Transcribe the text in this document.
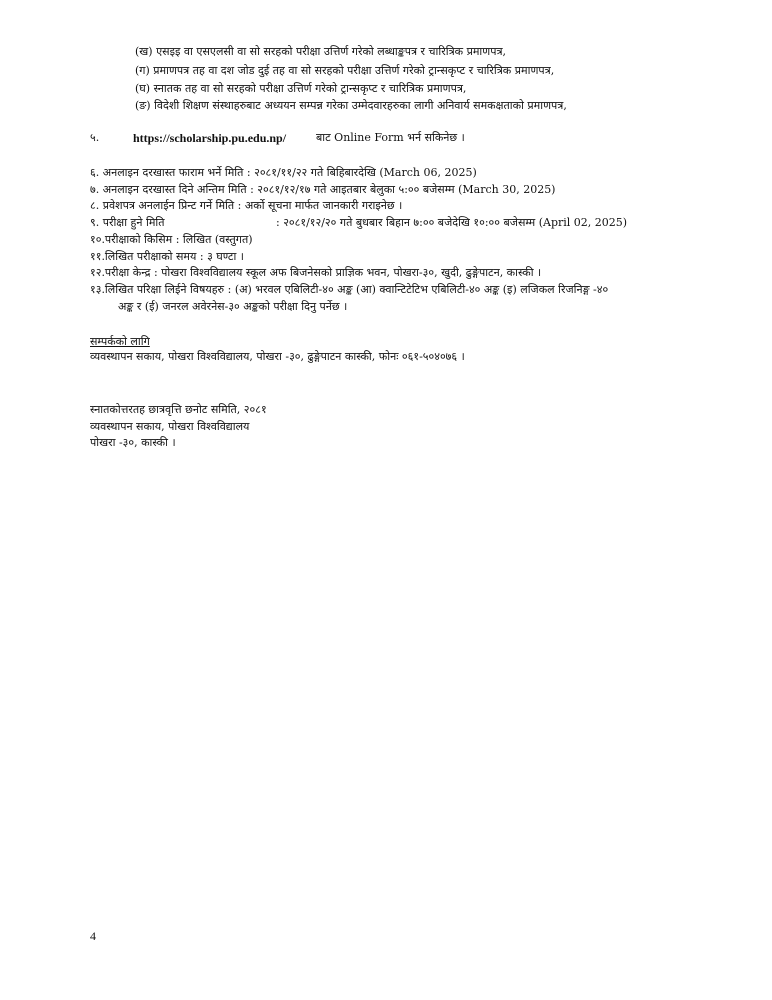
(ख) एसइइ वा एसएलसी वा सो सरहको परीक्षा उत्तिर्ण गरेको लब्धाङ्कपत्र र चारित्रिक प्रमाणपत्र,
(ग) प्रमाणपत्र तह वा दश जोड दुई तह वा सो सरहको परीक्षा उत्तिर्ण गरेको ट्रान्सकृप्ट र चारित्रिक प्रमाणपत्र,
(घ) स्नातक तह वा सो सरहको परीक्षा उत्तिर्ण गरेको ट्रान्सकृप्ट र चारित्रिक प्रमाणपत्र,
(ङ) विदेशी शिक्षण संस्थाहरुबाट अध्ययन सम्पन्न गरेका उम्मेदवारहरुका लागी अनिवार्य समकक्षताको प्रमाणपत्र,
५.	https://scholarship.pu.edu.np/	बाट Online Form भर्न सकिनेछ ।
६. अनलाइन दरखास्त फाराम भर्ने मिति : २०८१/११/२२ गते बिहिबारदेखि (March 06, 2025)
७. अनलाइन दरखास्त दिने अन्तिम मिति : २०८१/१२/१७ गते आइतबार बेलुका ५:०० बजेसम्म (March 30, 2025)
८. प्रवेशपत्र अनलाईन प्रिन्ट गर्ने मिति : अर्को सूचना मार्फत जानकारी गराइनेछ ।
९. परीक्षा हुने मिति	: २०८१/१२/२० गते बुधबार बिहान ७:०० बजेदेखि १०:०० बजेसम्म (April 02, 2025)
१०.परीक्षाको किसिम : लिखित (वस्तुगत)
११.लिखित परीक्षाको समय : ३ घण्टा ।
१२.परीक्षा केन्द्र : पोखरा विश्वविद्यालय स्कूल अफ बिजनेसको प्राज्ञिक भवन, पोखरा-३०, खुदी, ढुङ्गेपाटन, कास्की ।
१३.लिखित परिक्षा लिईने विषयहरु : (अ) भरवल एबिलिटी-४० अङ्क (आ) क्वान्टिटेटिभ एबिलिटी-४० अङ्क (इ) लजिकल रिजनिङ्ग -४०
अङ्क र (ई) जनरल अवेरनेस-३० अङ्कको परीक्षा दिनु पर्नेछ ।
सम्पर्कको लागि
व्यवस्थापन सकाय, पोखरा विश्वविद्यालय, पोखरा -३०, ढुङ्गेपाटन कास्की, फोनः ०६१-५०४०७६ ।
स्नातकोत्तरतह छात्रवृत्ति छनोट समिति, २०८१
व्यवस्थापन सकाय, पोखरा विश्वविद्यालय
पोखरा -३०, कास्की ।
4
